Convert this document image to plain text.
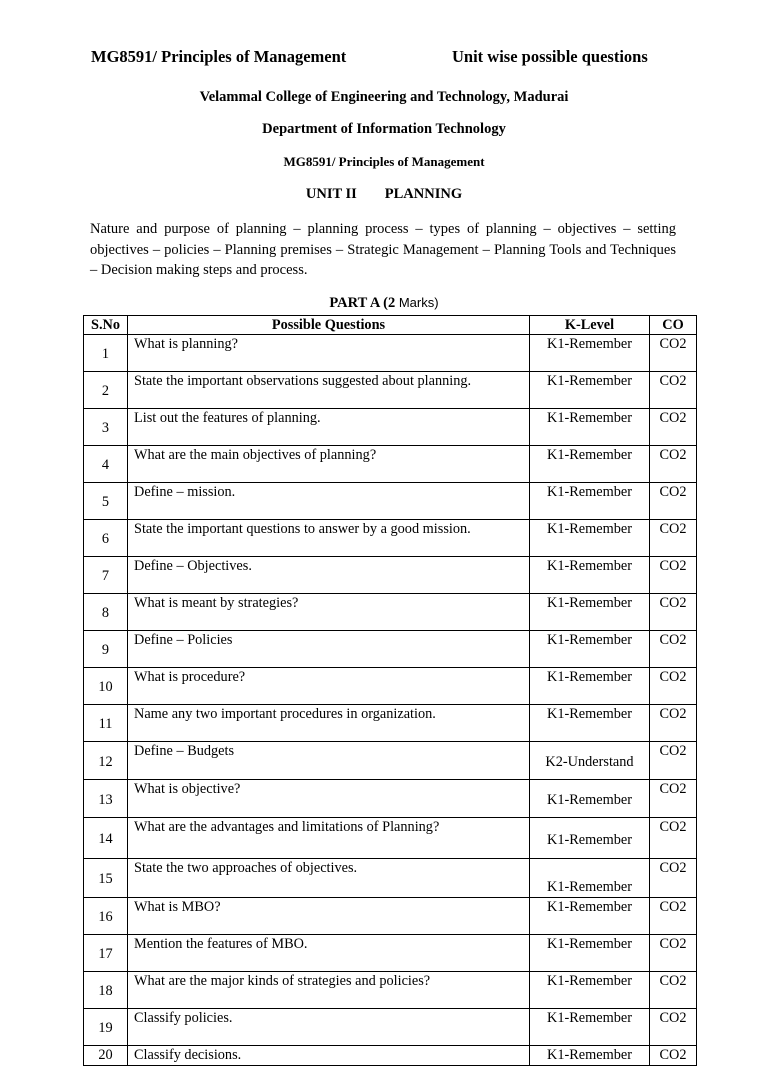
MG8591/ Principles of Management	Unit wise possible questions
Velammal College of Engineering and Technology, Madurai
Department of Information Technology
MG8591/ Principles of Management
UNIT II PLANNING
Nature and purpose of planning – planning process – types of planning – objectives – setting objectives – policies – Planning premises – Strategic Management – Planning Tools and Techniques – Decision making steps and process.
PART A (2 Marks)
S.No	Possible Questions	K-Level	CO
1	What is planning?	K1-Remember	CO2
2	State the important observations suggested about planning.	K1-Remember	CO2
3	List out the features of planning.	K1-Remember	CO2
4	What are the main objectives of planning?	K1-Remember	CO2
5	Define – mission.	K1-Remember	CO2
6	State the important questions to answer by a good mission.	K1-Remember	CO2
7	Define – Objectives.	K1-Remember	CO2
8	What is meant by strategies?	K1-Remember	CO2
9	Define – Policies	K1-Remember	CO2
10	What is procedure?	K1-Remember	CO2
11	Name any two important procedures in organization.	K1-Remember	CO2
12	Define – Budgets	K2-Understand	CO2
13	What is objective?	K1-Remember	CO2
14	What are the advantages and limitations of Planning?	K1-Remember	CO2
15	State the two approaches of objectives.	K1-Remember	CO2
16	What is MBO?	K1-Remember	CO2
17	Mention the features of MBO.	K1-Remember	CO2
18	What are the major kinds of strategies and policies?	K1-Remember	CO2
19	Classify policies.	K1-Remember	CO2
20	Classify decisions.	K1-Remember	CO2
